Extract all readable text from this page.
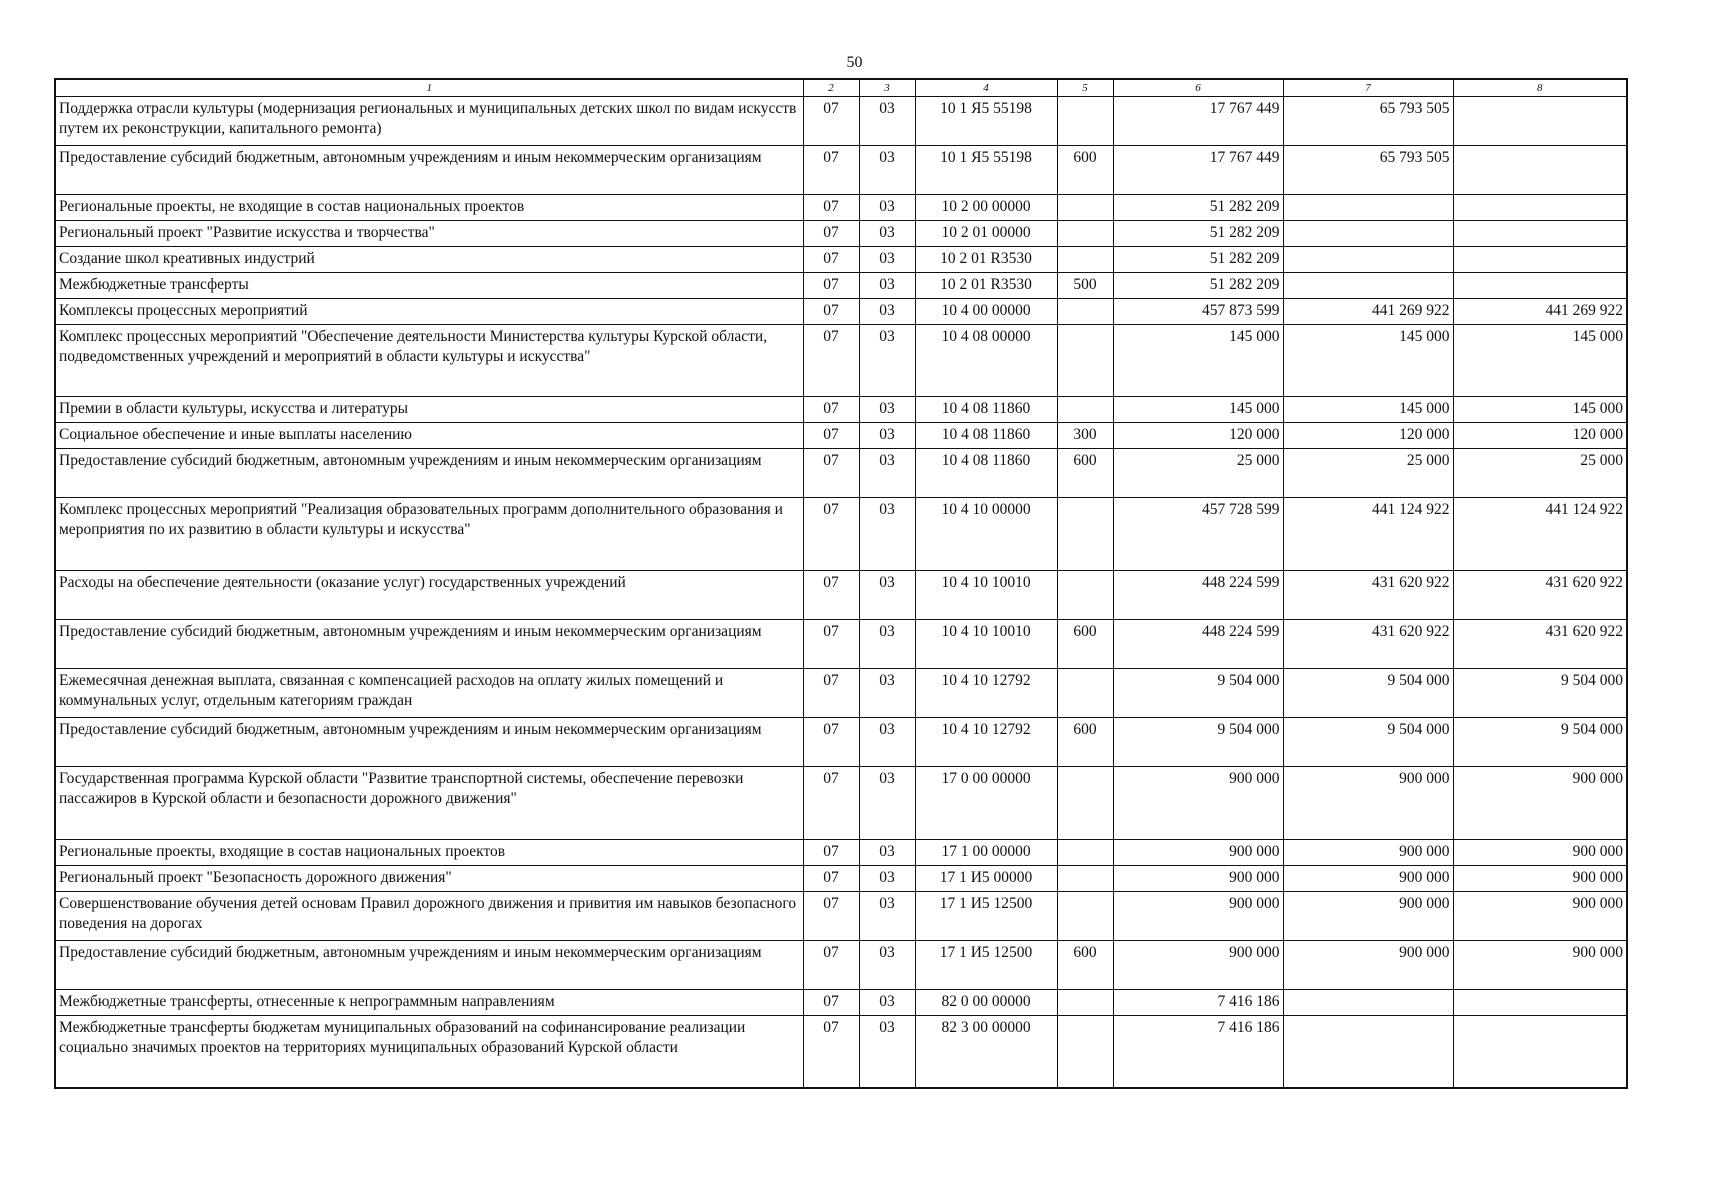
50
1	2	3	4	5	6	7	8
Поддержка отрасли культуры (модернизация региональных и муниципальных детских школ по видам искусств путем их реконструкции, капитального ремонта)	07	03	10 1 Я5 55198		17 767 449	65 793 505	
Предоставление субсидий бюджетным, автономным учреждениям и иным некоммерческим организациям	07	03	10 1 Я5 55198	600	17 767 449	65 793 505	
Региональные проекты, не входящие в состав национальных проектов	07	03	10 2 00 00000		51 282 209		
Региональный проект "Развитие искусства и творчества"	07	03	10 2 01 00000		51 282 209		
Создание школ креативных индустрий	07	03	10 2 01 R3530		51 282 209		
Межбюджетные трансферты	07	03	10 2 01 R3530	500	51 282 209		
Комплексы процессных мероприятий	07	03	10 4 00 00000		457 873 599	441 269 922	441 269 922
Комплекс процессных мероприятий "Обеспечение деятельности Министерства культуры Курской области, подведомственных учреждений и мероприятий в области культуры и искусства"	07	03	10 4 08 00000		145 000	145 000	145 000
Премии в области культуры, искусства и литературы	07	03	10 4 08 11860		145 000	145 000	145 000
Социальное обеспечение и иные выплаты населению	07	03	10 4 08 11860	300	120 000	120 000	120 000
Предоставление субсидий бюджетным, автономным учреждениям и иным некоммерческим организациям	07	03	10 4 08 11860	600	25 000	25 000	25 000
Комплекс процессных мероприятий "Реализация образовательных программ дополнительного образования и мероприятия по их развитию в области культуры и искусства"	07	03	10 4 10 00000		457 728 599	441 124 922	441 124 922
Расходы на обеспечение деятельности (оказание услуг) государственных учреждений	07	03	10 4 10 10010		448 224 599	431 620 922	431 620 922
Предоставление субсидий бюджетным, автономным учреждениям и иным некоммерческим организациям	07	03	10 4 10 10010	600	448 224 599	431 620 922	431 620 922
Ежемесячная денежная выплата, связанная с компенсацией расходов на оплату жилых помещений и коммунальных услуг, отдельным категориям граждан	07	03	10 4 10 12792		9 504 000	9 504 000	9 504 000
Предоставление субсидий бюджетным, автономным учреждениям и иным некоммерческим организациям	07	03	10 4 10 12792	600	9 504 000	9 504 000	9 504 000
Государственная программа Курской области "Развитие транспортной системы, обеспечение перевозки пассажиров в Курской области и безопасности дорожного движения"	07	03	17 0 00 00000		900 000	900 000	900 000
Региональные проекты, входящие в состав национальных проектов	07	03	17 1 00 00000		900 000	900 000	900 000
Региональный проект "Безопасность дорожного движения"	07	03	17 1 И5 00000		900 000	900 000	900 000
Совершенствование обучения детей основам Правил дорожного движения и привития им навыков безопасного поведения на дорогах	07	03	17 1 И5 12500		900 000	900 000	900 000
Предоставление субсидий бюджетным, автономным учреждениям и иным некоммерческим организациям	07	03	17 1 И5 12500	600	900 000	900 000	900 000
Межбюджетные трансферты, отнесенные к непрограммным направлениям	07	03	82 0 00 00000		7 416 186		
Межбюджетные трансферты бюджетам муниципальных образований на софинансирование реализации социально значимых проектов на территориях муниципальных образований Курской области	07	03	82 3 00 00000		7 416 186		
